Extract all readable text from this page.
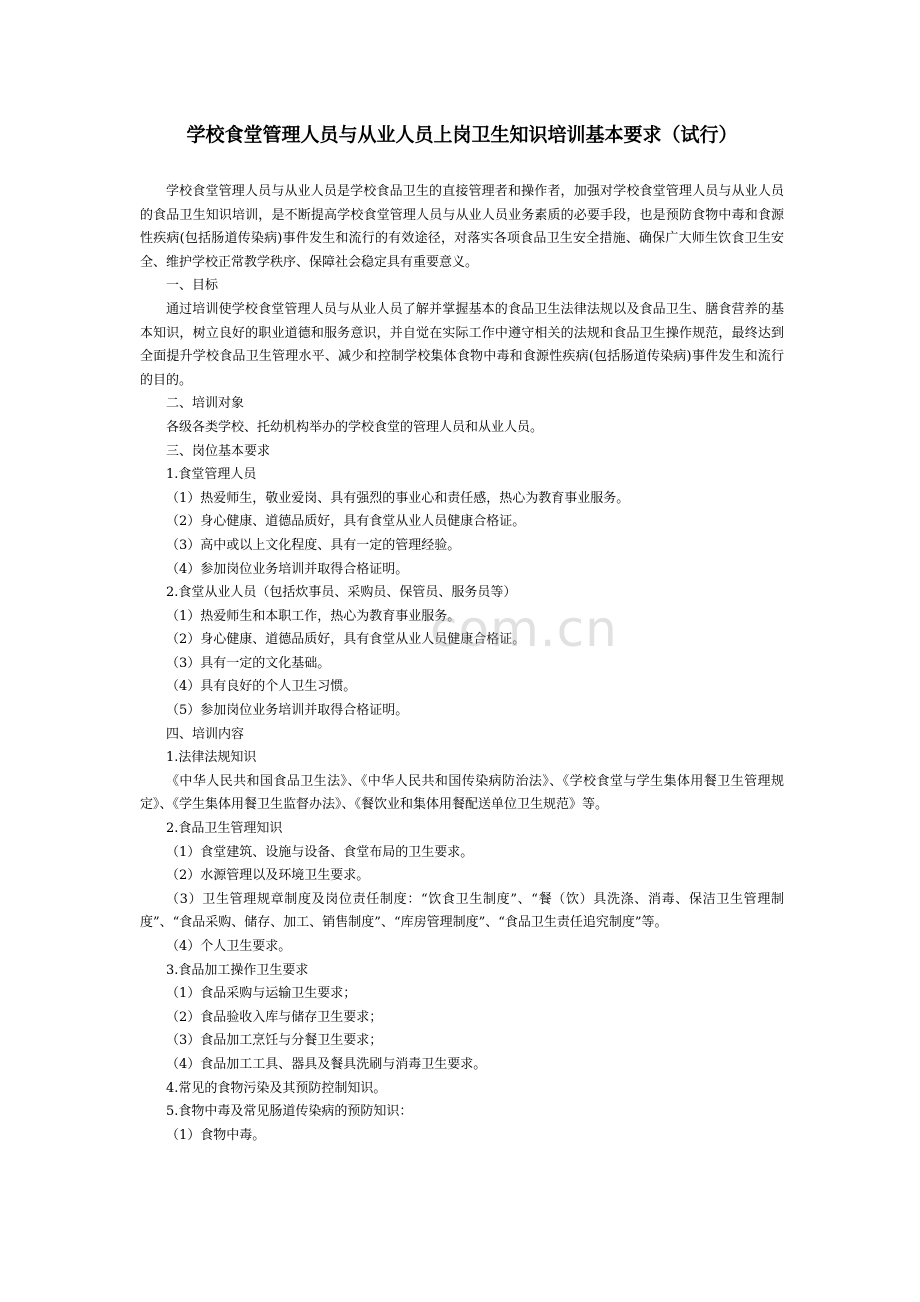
学校食堂管理人员与从业人员上岗卫生知识培训基本要求（试行）

学校食堂管理人员与从业人员是学校食品卫生的直接管理者和操作者，加强对学校食堂管理人员与从业人员的食品卫生知识培训，是不断提高学校食堂管理人员与从业人员业务素质的必要手段，也是预防食物中毒和食源性疾病(包括肠道传染病)事件发生和流行的有效途径，对落实各项食品卫生安全措施、确保广大师生饮食卫生安全、维护学校正常教学秩序、保障社会稳定具有重要意义。

一、目标

通过培训使学校食堂管理人员与从业人员了解并掌握基本的食品卫生法律法规以及食品卫生、膳食营养的基本知识，树立良好的职业道德和服务意识，并自觉在实际工作中遵守相关的法规和食品卫生操作规范，最终达到全面提升学校食品卫生管理水平、减少和控制学校集体食物中毒和食源性疾病(包括肠道传染病)事件发生和流行的目的。

二、培训对象

各级各类学校、托幼机构举办的学校食堂的管理人员和从业人员。

三、岗位基本要求

1.食堂管理人员

（1）热爱师生，敬业爱岗、具有强烈的事业心和责任感，热心为教育事业服务。

（2）身心健康、道德品质好，具有食堂从业人员健康合格证。

（3）高中或以上文化程度、具有一定的管理经验。

（4）参加岗位业务培训并取得合格证明。

2.食堂从业人员（包括炊事员、采购员、保管员、服务员等）

（1）热爱师生和本职工作，热心为教育事业服务。

（2）身心健康、道德品质好，具有食堂从业人员健康合格证。

（3）具有一定的文化基础。

（4）具有良好的个人卫生习惯。

（5）参加岗位业务培训并取得合格证明。

四、培训内容

1.法律法规知识

《中华人民共和国食品卫生法》、《中华人民共和国传染病防治法》、《学校食堂与学生集体用餐卫生管理规定》、《学生集体用餐卫生监督办法》、《餐饮业和集体用餐配送单位卫生规范》等。

2.食品卫生管理知识

（1）食堂建筑、设施与设备、食堂布局的卫生要求。

（2）水源管理以及环境卫生要求。

（3）卫生管理规章制度及岗位责任制度：“饮食卫生制度”、“餐（饮）具洗涤、消毒、保洁卫生管理制度”、“食品采购、储存、加工、销售制度”、“库房管理制度”、“食品卫生责任追究制度”等。

（4）个人卫生要求。

3.食品加工操作卫生要求

（1）食品采购与运输卫生要求；

（2）食品验收入库与储存卫生要求；

（3）食品加工烹饪与分餐卫生要求；

（4）食品加工工具、器具及餐具洗刷与消毒卫生要求。

4.常见的食物污染及其预防控制知识。

5.食物中毒及常见肠道传染病的预防知识：

（1）食物中毒。

com.cn
